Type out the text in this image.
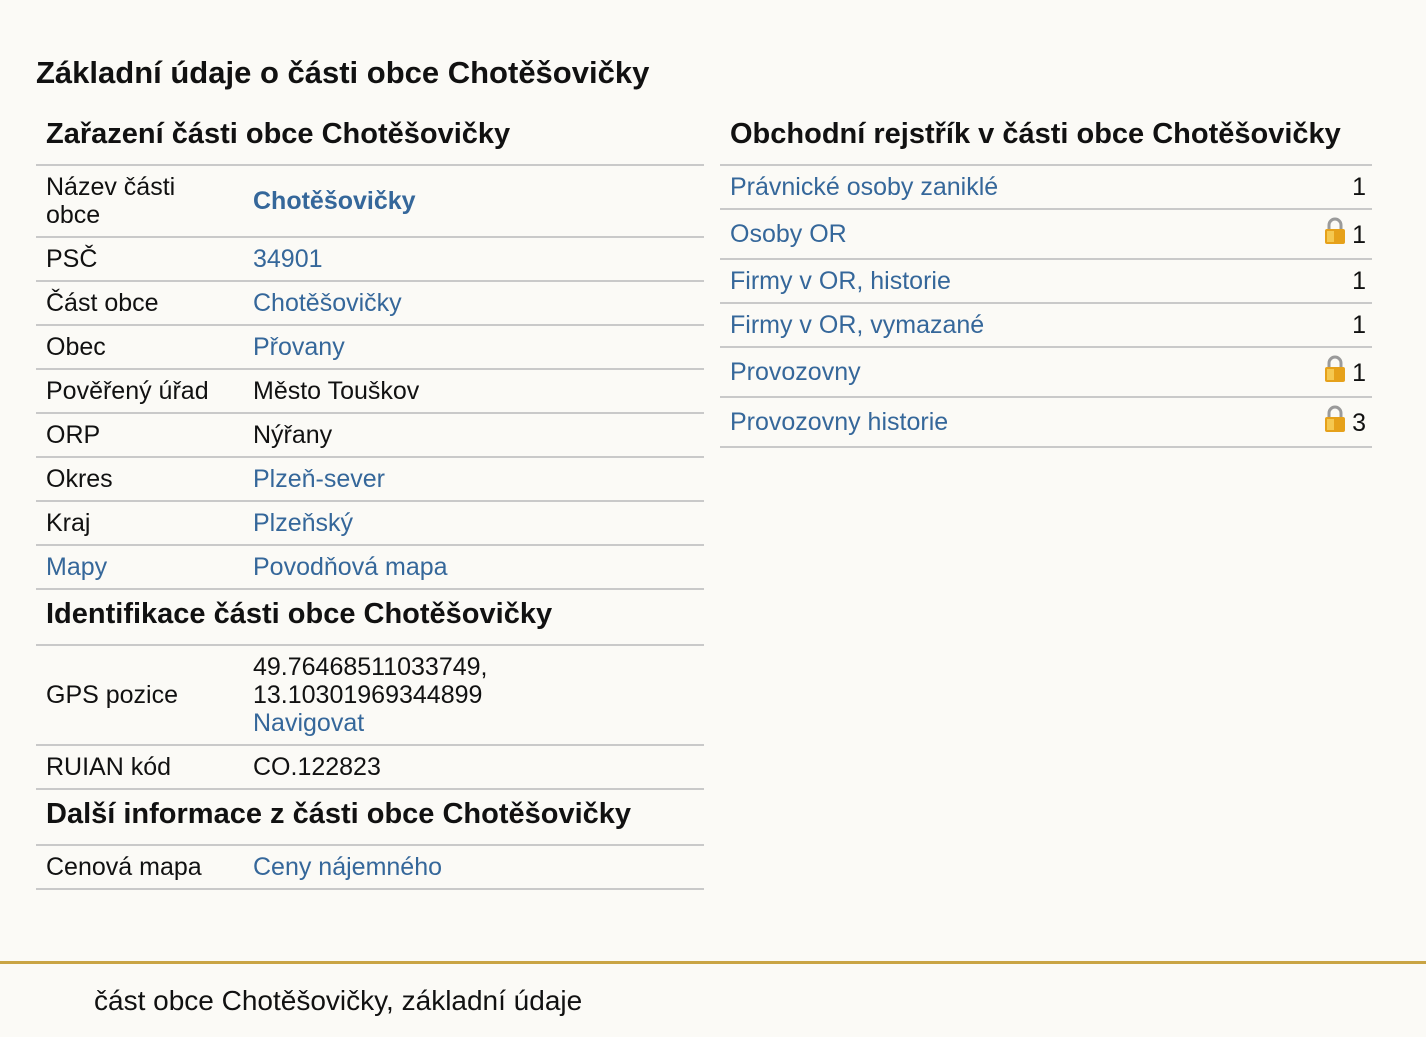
Základní údaje o části obce Chotěšovičky
Zařazení části obce Chotěšovičky
Název části obce	Chotěšovičky
PSČ	34901
Část obce	Chotěšovičky
Obec	Přovany
Pověřený úřad	Město Touškov
ORP	Nýřany
Okres	Plzeň-sever
Kraj	Plzeňský
Mapy	Povodňová mapa
Identifikace části obce Chotěšovičky
GPS pozice	49.76468511033749,
13.10301969344899
Navigovat
RUIAN kód	CO.122823
Další informace z části obce Chotěšovičky
Cenová mapa	Ceny nájemného
Obchodní rejstřík v části obce Chotěšovičky
Právnické osoby zaniklé	1
Osoby OR	1
Firmy v OR, historie	1
Firmy v OR, vymazané	1
Provozovny	1
Provozovny historie	3
část obce Chotěšovičky, základní údaje
